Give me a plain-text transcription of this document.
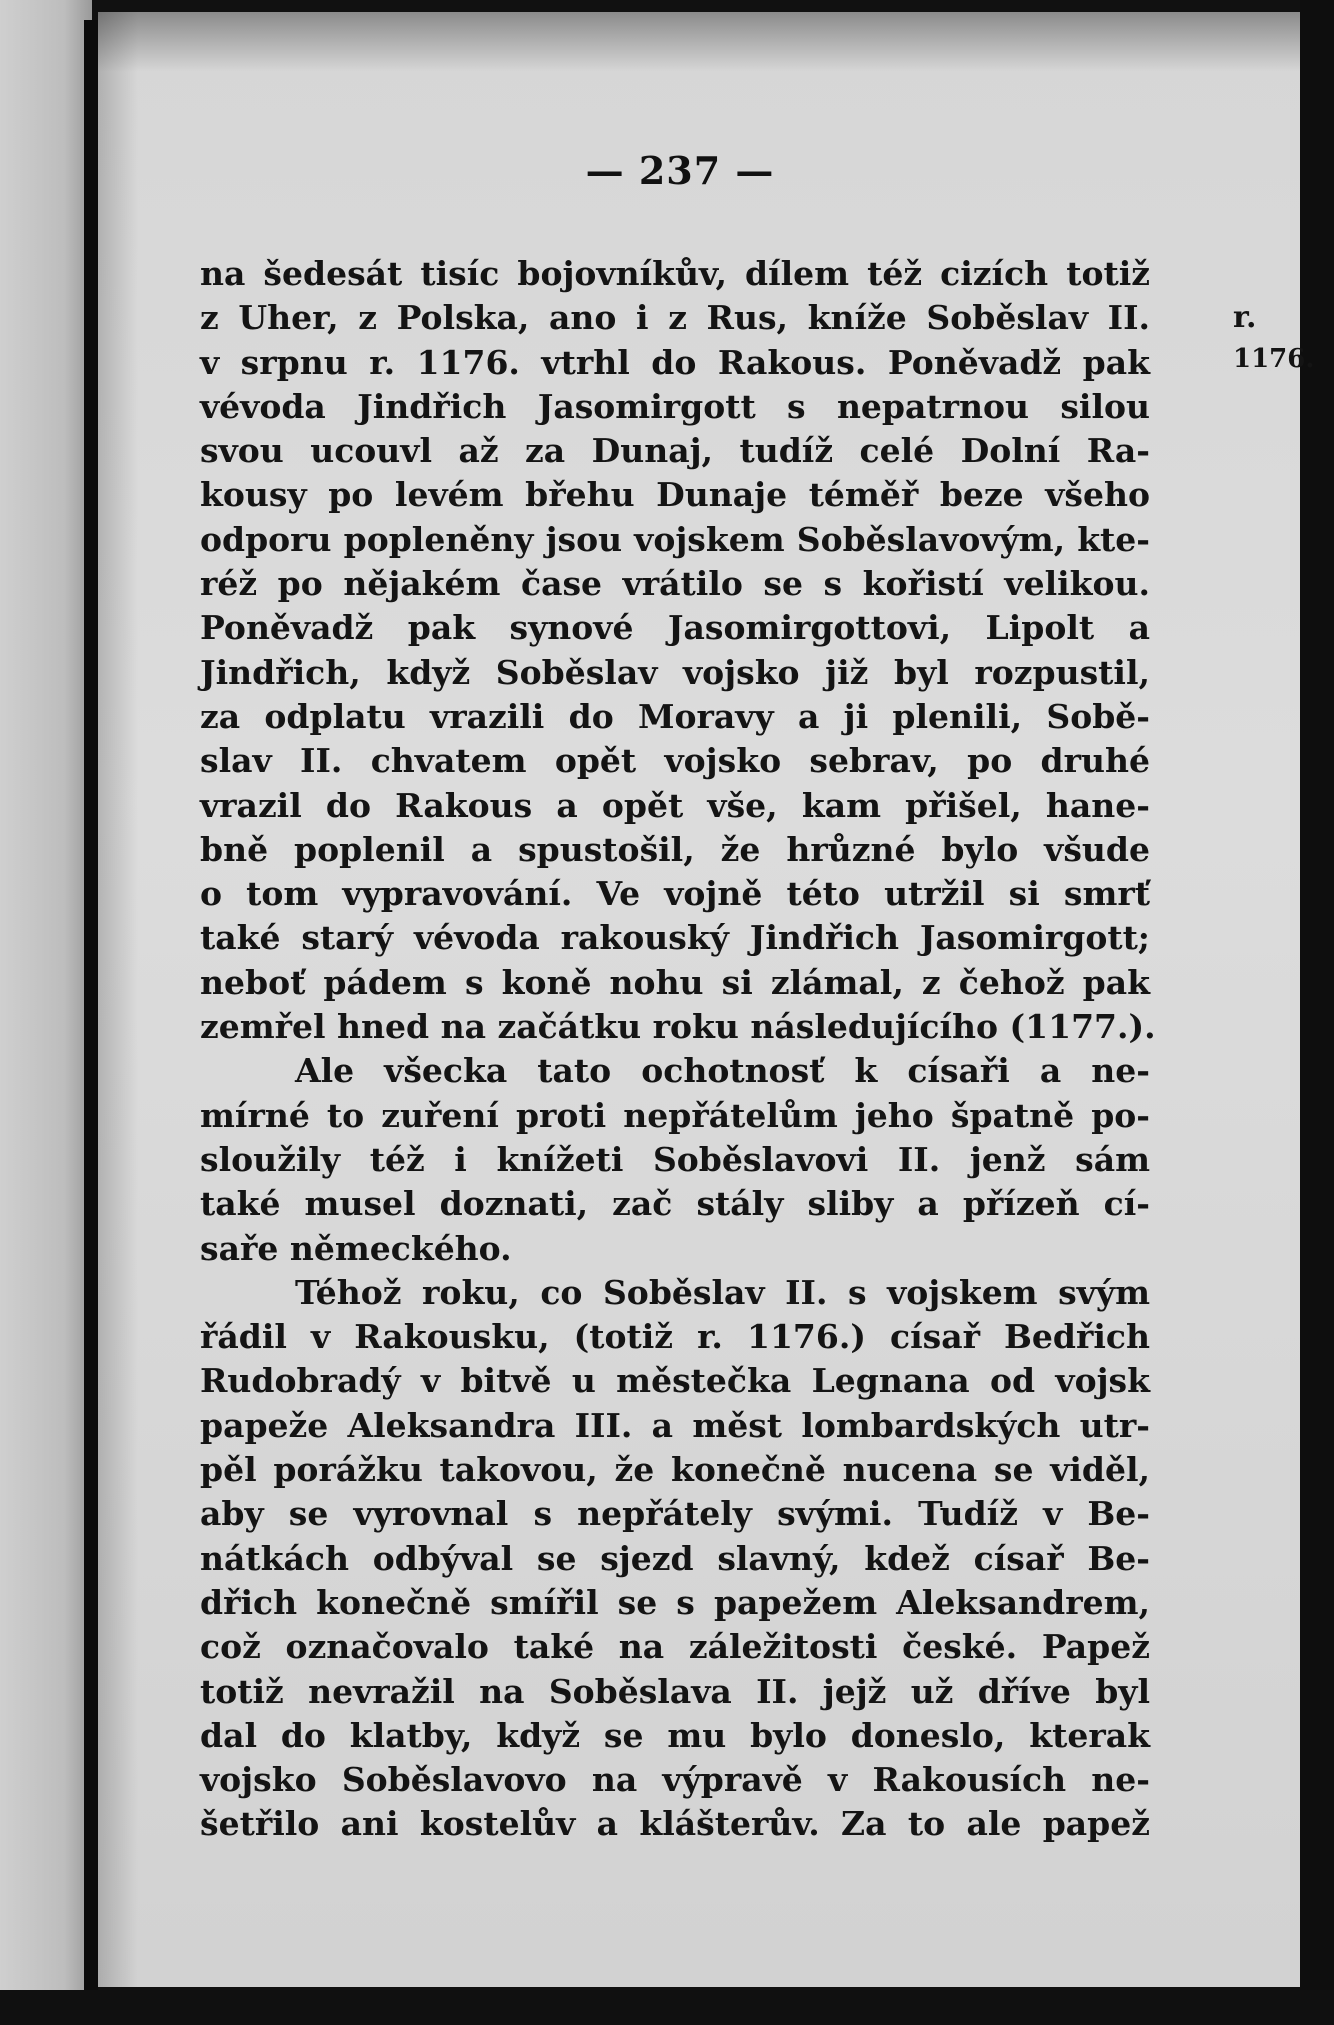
— 237 —
r.
1176.
na šedesát tisíc bojovníkův, dílem též cizích totiž
z Uher, z Polska, ano i z Rus, kníže Soběslav II.
v srpnu r. 1176. vtrhl do Rakous. Poněvadž pak
vévoda Jindřich Jasomirgott s nepatrnou silou
svou ucouvl až za Dunaj, tudíž celé Dolní Ra-
kousy po levém břehu Dunaje téměř beze všeho
odporu popleněny jsou vojskem Soběslavovým, kte-
réž po nějakém čase vrátilo se s kořistí velikou.
Poněvadž pak synové Jasomirgottovi, Lipolt a
Jindřich, když Soběslav vojsko již byl rozpustil,
za odplatu vrazili do Moravy a ji plenili, Sobě-
slav II. chvatem opět vojsko sebrav, po druhé
vrazil do Rakous a opět vše, kam přišel, hane-
bně poplenil a spustošil, že hrůzné bylo všude
o tom vypravování. Ve vojně této utržil si smrť
také starý vévoda rakouský Jindřich Jasomirgott;
neboť pádem s koně nohu si zlámal, z čehož pak
zemřel hned na začátku roku následujícího (1177.).
Ale všecka tato ochotnosť k císaři a ne-
mírné to zuření proti nepřátelům jeho špatně po-
sloužily též i knížeti Soběslavovi II. jenž sám
také musel doznati, zač stály sliby a přízeň cí-
saře německého.
Téhož roku, co Soběslav II. s vojskem svým
řádil v Rakousku, (totiž r. 1176.) císař Bedřich
Rudobradý v bitvě u městečka Legnana od vojsk
papeže Aleksandra III. a měst lombardských utr-
pěl porážku takovou, že konečně nucena se viděl,
aby se vyrovnal s nepřátely svými. Tudíž v Be-
nátkách odbýval se sjezd slavný, kdež císař Be-
dřich konečně smířil se s papežem Aleksandrem,
což označovalo také na záležitosti české. Papež
totiž nevražil na Soběslava II. jejž už dříve byl
dal do klatby, když se mu bylo doneslo, kterak
vojsko Soběslavovo na výpravě v Rakousích ne-
šetřilo ani kostelův a klášterův. Za to ale papež
